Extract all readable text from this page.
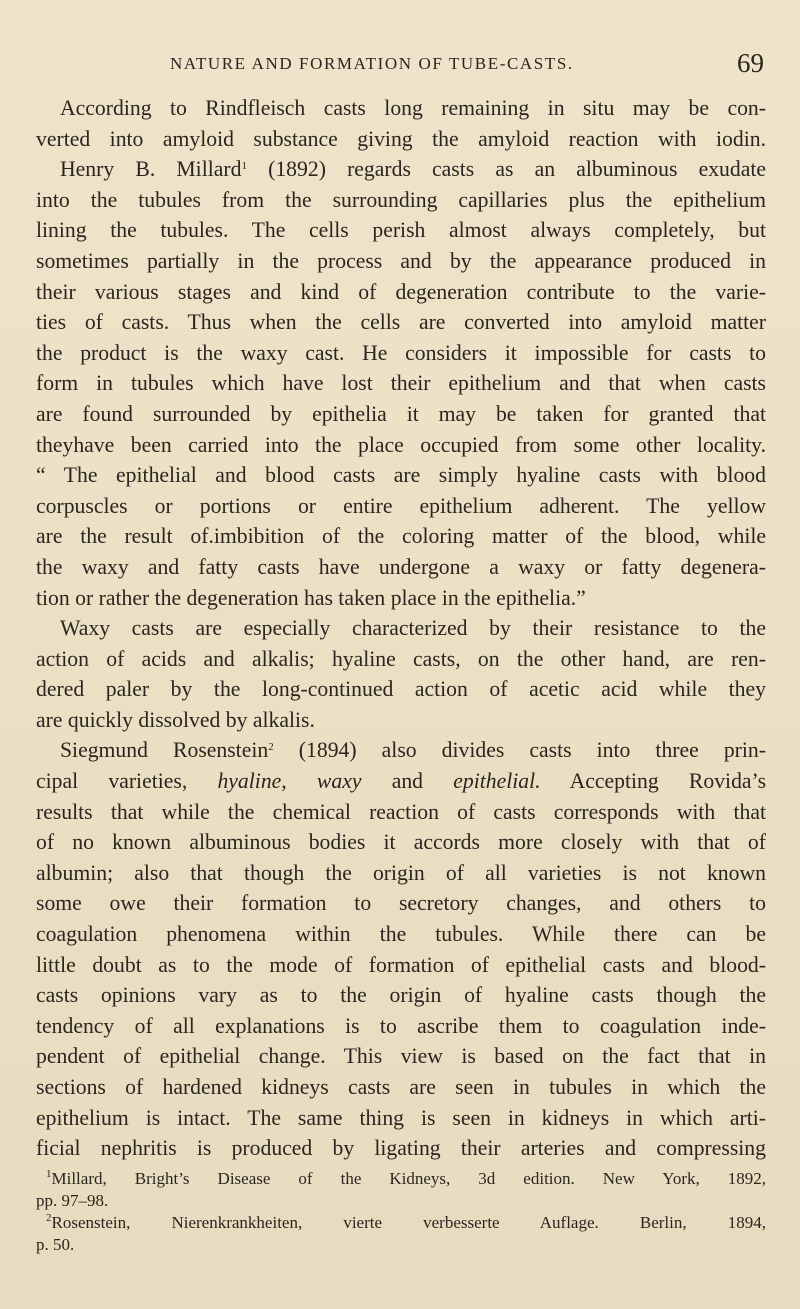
NATURE AND FORMATION OF TUBE-CASTS.	69
According to Rindfleisch casts long remaining in situ may be con-
verted into amyloid substance giving the amyloid reaction with iodin.
Henry B. Millard$^1$ (1892) regards casts as an albuminous exudate
into the tubules from the surrounding capillaries plus the epithelium
lining the tubules. The cells perish almost always completely, but
sometimes partially in the process and by the appearance produced in
their various stages and kind of degeneration contribute to the varie-
ties of casts. Thus when the cells are converted into amyloid matter
the product is the waxy cast. He considers it impossible for casts to
form in tubules which have lost their epithelium and that when casts
are found surrounded by epithelia it may be taken for granted that
theyhave been carried into the place occupied from some other locality.
“ The epithelial and blood casts are simply hyaline casts with blood
corpuscles or portions or entire epithelium adherent. The yellow
are the result of.imbibition of the coloring matter of the blood, while
the waxy and fatty casts have undergone a waxy or fatty degenera-
tion or rather the degeneration has taken place in the epithelia.”
Waxy casts are especially characterized by their resistance to the
action of acids and alkalis; hyaline casts, on the other hand, are ren-
dered paler by the long-continued action of acetic acid while they
are quickly dissolved by alkalis.
Siegmund Rosenstein$^2$ (1894) also divides casts into three prin-
cipal varieties, hyaline, waxy and epithelial. Accepting Rovida’s
results that while the chemical reaction of casts corresponds with that
of no known albuminous bodies it accords more closely with that of
albumin; also that though the origin of all varieties is not known
some owe their formation to secretory changes, and others to
coagulation phenomena within the tubules. While there can be
little doubt as to the mode of formation of epithelial casts and blood-
casts opinions vary as to the origin of hyaline casts though the
tendency of all explanations is to ascribe them to coagulation inde-
pendent of epithelial change. This view is based on the fact that in
sections of hardened kidneys casts are seen in tubules in which the
epithelium is intact. The same thing is seen in kidneys in which arti-
ficial nephritis is produced by ligating their arteries and compressing
$^1$Millard, Bright’s Disease of the Kidneys, 3d edition. New York, 1892,
pp. 97–98.
$^2$Rosenstein, Nierenkrankheiten, vierte verbesserte Auflage. Berlin, 1894,
p. 50.
